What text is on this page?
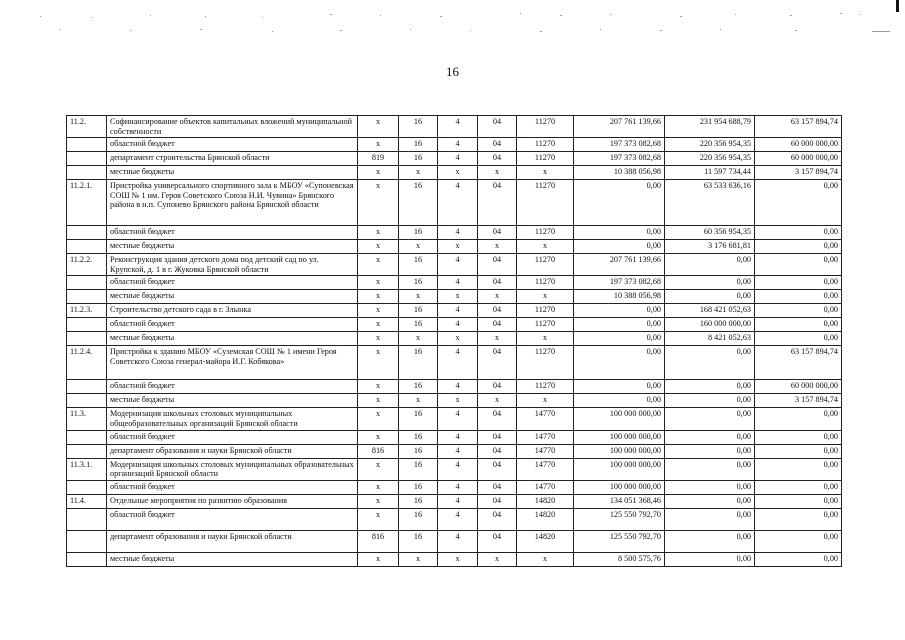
16
11.2.	Софинансирование объектов капитальных вложений муниципальной собственности	х	16	4	04	11270	207 761 139,66	231 954 688,79	63 157 894,74
	областной бюджет	х	16	4	04	11270	197 373 082,68	220 356 954,35	60 000 000,00
	департамент строительства Брянской области	819	16	4	04	11270	197 373 082,68	220 356 954,35	60 000 000,00
	местные бюджеты	х	х	х	х	х	10 388 056,98	11 597 734,44	3 157 894,74
11.2.1.	Пристройка универсального спортивного зала к МБОУ «Супоневская СОШ № 1 им. Героя Советского Союза Н.И. Чувина» Брянского района в н.п. Супонево Брянского района Брянской области	х	16	4	04	11270	0,00	63 533 636,16	0,00
	областной бюджет	х	16	4	04	11270	0,00	60 356 954,35	0,00
	местные бюджеты	х	х	х	х	х	0,00	3 176 681,81	0,00
11.2.2.	Реконструкция здания детского дома под детский сад по ул. Крупской, д. 1 в г. Жуковка Брянской области	х	16	4	04	11270	207 761 139,66	0,00	0,00
	областной бюджет	х	16	4	04	11270	197 373 082,68	0,00	0,00
	местные бюджеты	х	х	х	х	х	10 388 056,98	0,00	0,00
11.2.3.	Строительство детского сада в г. Злынка	х	16	4	04	11270	0,00	168 421 052,63	0,00
	областной бюджет	х	16	4	04	11270	0,00	160 000 000,00	0,00
	местные бюджеты	х	х	х	х	х	0,00	8 421 052,63	0,00
11.2.4.	Пристройка к зданию МБОУ «Суземская СОШ № 1 имени Героя Советского Союза генерал-майора И.Г. Кобякова»	х	16	4	04	11270	0,00	0,00	63 157 894,74
	областной бюджет	х	16	4	04	11270	0,00	0,00	60 000 000,00
	местные бюджеты	х	х	х	х	х	0,00	0,00	3 157 894,74
11.3.	Модернизация школьных столовых муниципальных общеобразовательных организаций Брянской области	х	16	4	04	14770	100 000 000,00	0,00	0,00
	областной бюджет	х	16	4	04	14770	100 000 000,00	0,00	0,00
	департамент образования и науки Брянской области	816	16	4	04	14770	100 000 000,00	0,00	0,00
11.3.1.	Модернизация школьных столовых муниципальных образовательных организаций Брянской области	х	16	4	04	14770	100 000 000,00	0,00	0,00
	областной бюджет	х	16	4	04	14770	100 000 000,00	0,00	0,00
11.4.	Отдельные мероприятия по развитию образования	х	16	4	04	14820	134 051 368,46	0,00	0,00
	областной бюджет	х	16	4	04	14820	125 550 792,70	0,00	0,00
	департамент образования и науки Брянской области	816	16	4	04	14820	125 550 792,70	0,00	0,00
	местные бюджеты	х	х	х	х	х	8 500 575,76	0,00	0,00
